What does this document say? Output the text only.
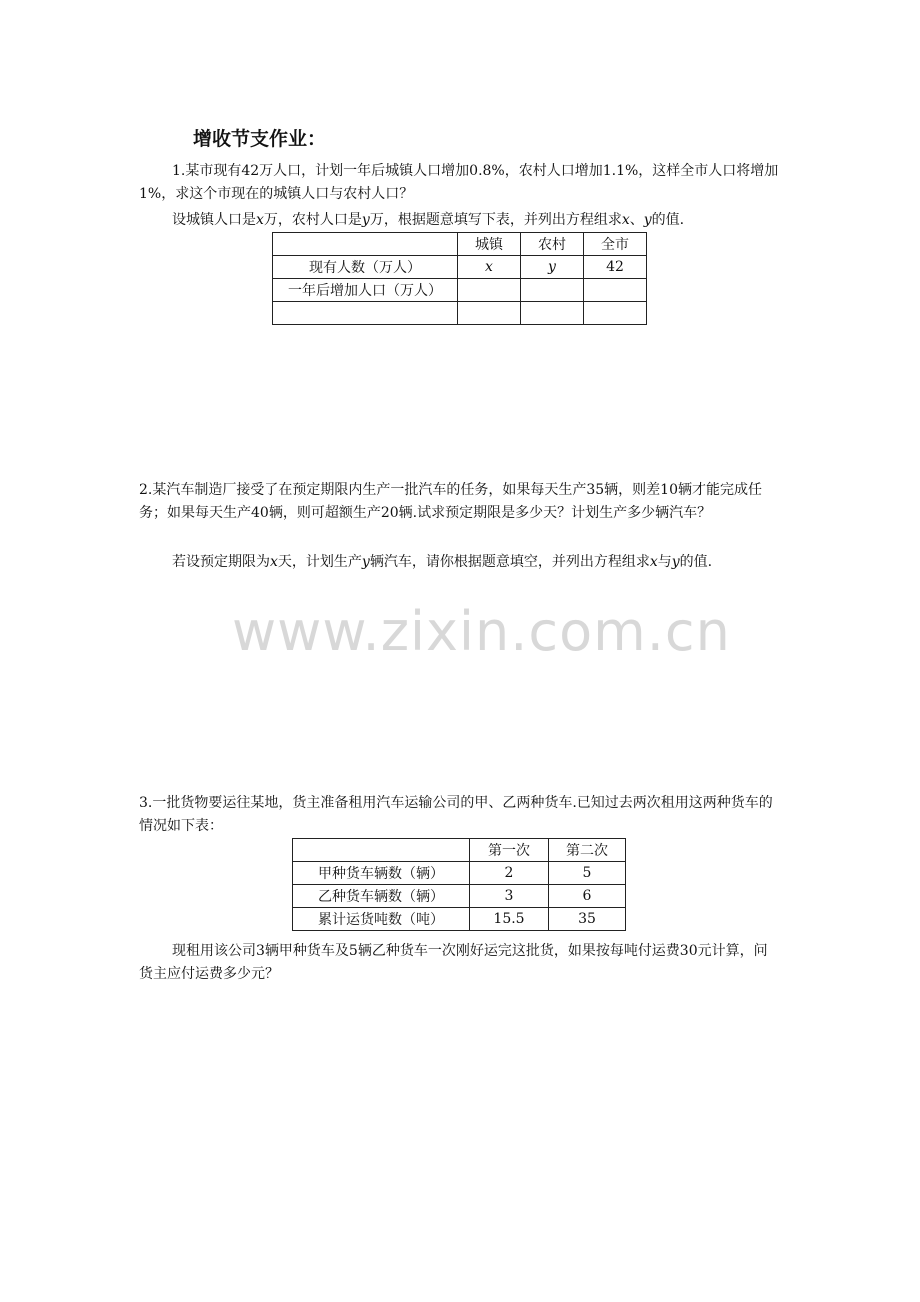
增收节支作业：
1.某市现有42万人口，计划一年后城镇人口增加0.8%，农村人口增加1.1%，这样全市人口将增加1%，求这个市现在的城镇人口与农村人口？
设城镇人口是x万，农村人口是y万，根据题意填写下表，并列出方程组求x、y的值.
	城镇	农村	全市
现有人数（万人）	x	y	42
一年后增加人口（万人）			

2.某汽车制造厂接受了在预定期限内生产一批汽车的任务，如果每天生产35辆，则差10辆才能完成任务；如果每天生产40辆，则可超额生产20辆.试求预定期限是多少天？计划生产多少辆汽车？
若设预定期限为x天，计划生产y辆汽车，请你根据题意填空，并列出方程组求x与y的值.
www.zixin.com.cn
3.一批货物要运往某地，货主准备租用汽车运输公司的甲、乙两种货车.已知过去两次租用这两种货车的情况如下表：
	第一次	第二次
甲种货车辆数（辆）	2	5
乙种货车辆数（辆）	3	6
累计运货吨数（吨）	15.5	35
现租用该公司3辆甲种货车及5辆乙种货车一次刚好运完这批货，如果按每吨付运费30元计算，问货主应付运费多少元？
